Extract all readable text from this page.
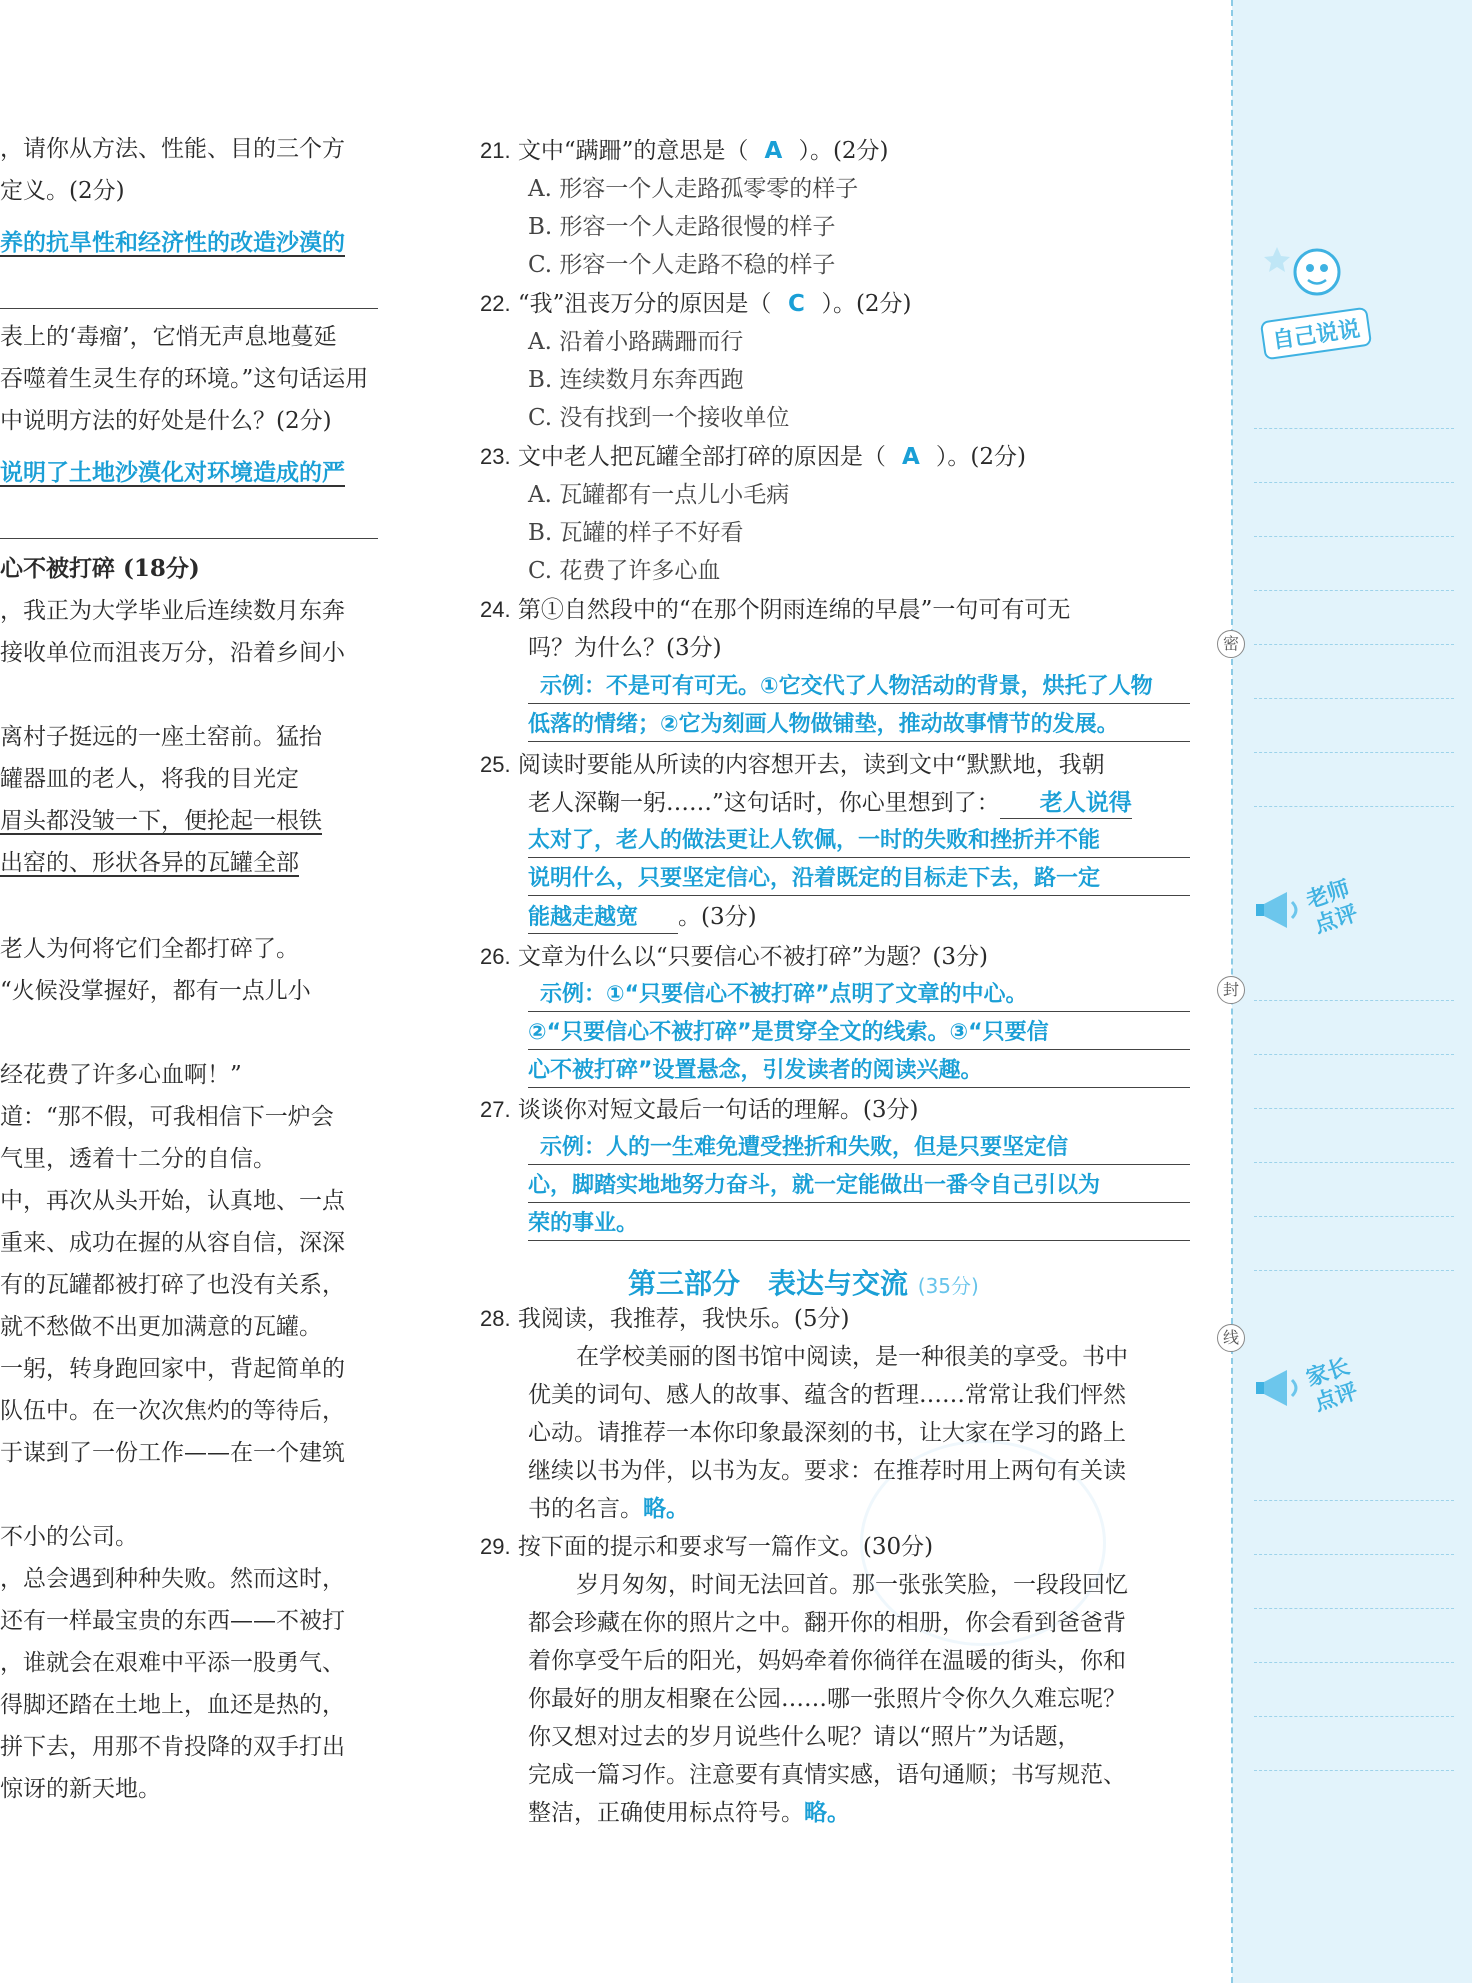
，请你从方法、性能、目的三个方
定义。(2分)
养的抗旱性和经济性的改造沙漠的
表上的‘毒瘤’，它悄无声息地蔓延
吞噬着生灵生存的环境。”这句话运用
中说明方法的好处是什么？(2分)
说明了土地沙漠化对环境造成的严
心不被打碎 (18分)
，我正为大学毕业后连续数月东奔
接收单位而沮丧万分，沿着乡间小
离村子挺远的一座土窑前。猛抬
罐器皿的老人，将我的目光定
眉头都没皱一下，便抡起一根铁
出窑的、形状各异的瓦罐全部
老人为何将它们全都打碎了。
“火候没掌握好，都有一点儿小
经花费了许多心血啊！”
道：“那不假，可我相信下一炉会
气里，透着十二分的自信。
中，再次从头开始，认真地、一点
重来、成功在握的从容自信，深深
有的瓦罐都被打碎了也没有关系，
就不愁做不出更加满意的瓦罐。
一躬，转身跑回家中，背起简单的
队伍中。在一次次焦灼的等待后，
于谋到了一份工作——在一个建筑
不小的公司。
，总会遇到种种失败。然而这时，
还有一样最宝贵的东西——不被打
，谁就会在艰难中平添一股勇气、
得脚还踏在土地上，血还是热的，
拼下去，用那不肯投降的双手打出
惊讶的新天地。
21. 文中“蹒跚”的意思是（ A ）。(2分)
A. 形容一个人走路孤零零的样子
B. 形容一个人走路很慢的样子
C. 形容一个人走路不稳的样子
22. “我”沮丧万分的原因是（ C ）。(2分)
A. 沿着小路蹒跚而行
B. 连续数月东奔西跑
C. 没有找到一个接收单位
23. 文中老人把瓦罐全部打碎的原因是（ A ）。(2分)
A. 瓦罐都有一点儿小毛病
B. 瓦罐的样子不好看
C. 花费了许多心血
24. 第①自然段中的“在那个阴雨连绵的早晨”一句可有可无
吗？为什么？(3分)
示例：不是可有可无。①它交代了人物活动的背景，烘托了人物
低落的情绪；②它为刻画人物做铺垫，推动故事情节的发展。
25. 阅读时要能从所读的内容想开去，读到文中“默默地，我朝
老人深鞠一躬……”这句话时，你心里想到了： 老人说得
太对了，老人的做法更让人钦佩，一时的失败和挫折并不能
说明什么，只要坚定信心，沿着既定的目标走下去，路一定
能越走越宽 。(3分)
26. 文章为什么以“只要信心不被打碎”为题？(3分)
示例：①“只要信心不被打碎”点明了文章的中心。
②“只要信心不被打碎”是贯穿全文的线索。③“只要信
心不被打碎”设置悬念，引发读者的阅读兴趣。
27. 谈谈你对短文最后一句话的理解。(3分)
示例：人的一生难免遭受挫折和失败，但是只要坚定信
心，脚踏实地地努力奋斗，就一定能做出一番令自己引以为
荣的事业。
第三部分　表达与交流 (35分)
28. 我阅读，我推荐，我快乐。(5分)
在学校美丽的图书馆中阅读，是一种很美的享受。书中
优美的词句、感人的故事、蕴含的哲理……常常让我们怦然
心动。请推荐一本你印象最深刻的书，让大家在学习的路上
继续以书为伴，以书为友。要求：在推荐时用上两句有关读
书的名言。略。
29. 按下面的提示和要求写一篇作文。(30分)
岁月匆匆，时间无法回首。那一张张笑脸，一段段回忆
都会珍藏在你的照片之中。翻开你的相册，你会看到爸爸背
着你享受午后的阳光，妈妈牵着你徜徉在温暖的街头，你和
你最好的朋友相聚在公园……哪一张照片令你久久难忘呢？
你又想对过去的岁月说些什么呢？请以“照片”为话题，
完成一篇习作。注意要有真情实感，语句通顺；书写规范、
整洁，正确使用标点符号。略。
密
封
线
自己说说
老师点评
家长点评
